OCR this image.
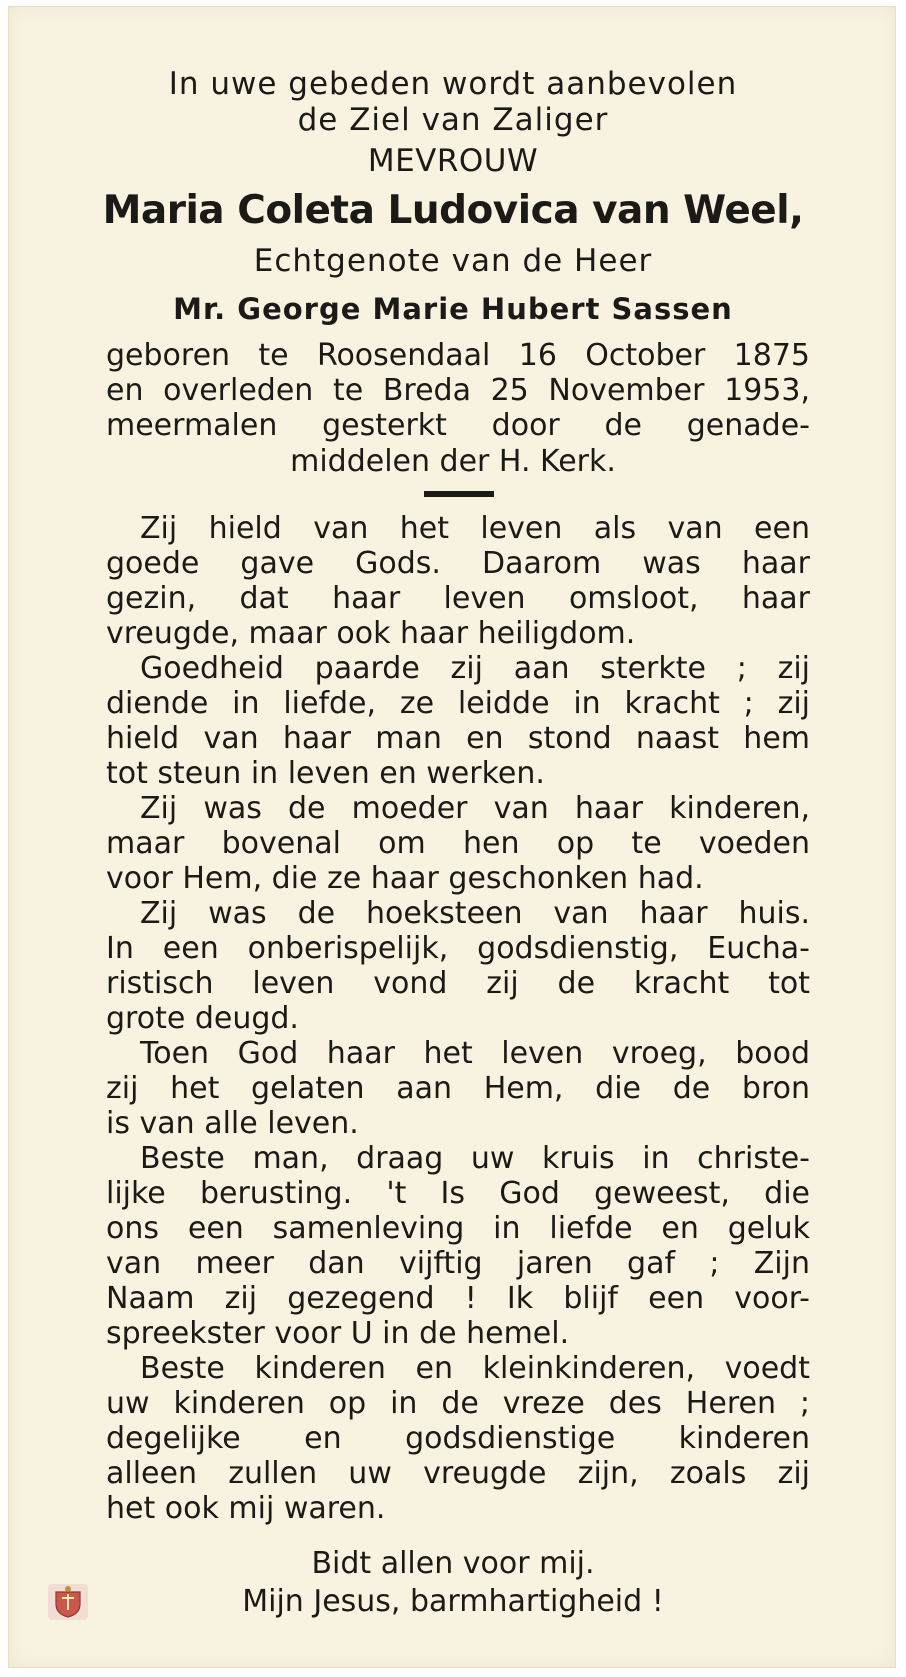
In uwe gebeden wordt aanbevolen
de Ziel van Zaliger
MEVROUW
Maria Coleta Ludovica van Weel,
Echtgenote van de Heer
Mr. George Marie Hubert Sassen
geboren te Roosendaal 16 October 1875
en overleden te Breda 25 November 1953,
meermalen gesterkt door de genade-
middelen der H. Kerk.
Zij hield van het leven als van een
goede gave Gods. Daarom was haar
gezin, dat haar leven omsloot, haar
vreugde, maar ook haar heiligdom.
Goedheid paarde zij aan sterkte ; zij
diende in liefde, ze leidde in kracht ; zij
hield van haar man en stond naast hem
tot steun in leven en werken.
Zij was de moeder van haar kinderen,
maar bovenal om hen op te voeden
voor Hem, die ze haar geschonken had.
Zij was de hoeksteen van haar huis.
In een onberispelijk, godsdienstig, Eucha-
ristisch leven vond zij de kracht tot
grote deugd.
Toen God haar het leven vroeg, bood
zij het gelaten aan Hem, die de bron
is van alle leven.
Beste man, draag uw kruis in christe-
lijke berusting. 't Is God geweest, die
ons een samenleving in liefde en geluk
van meer dan vijftig jaren gaf ; Zijn
Naam zij gezegend ! Ik blijf een voor-
spreekster voor U in de hemel.
Beste kinderen en kleinkinderen, voedt
uw kinderen op in de vreze des Heren ;
degelijke en godsdienstige kinderen
alleen zullen uw vreugde zijn, zoals zij
het ook mij waren.
Bidt allen voor mij.
Mijn Jesus, barmhartigheid !
